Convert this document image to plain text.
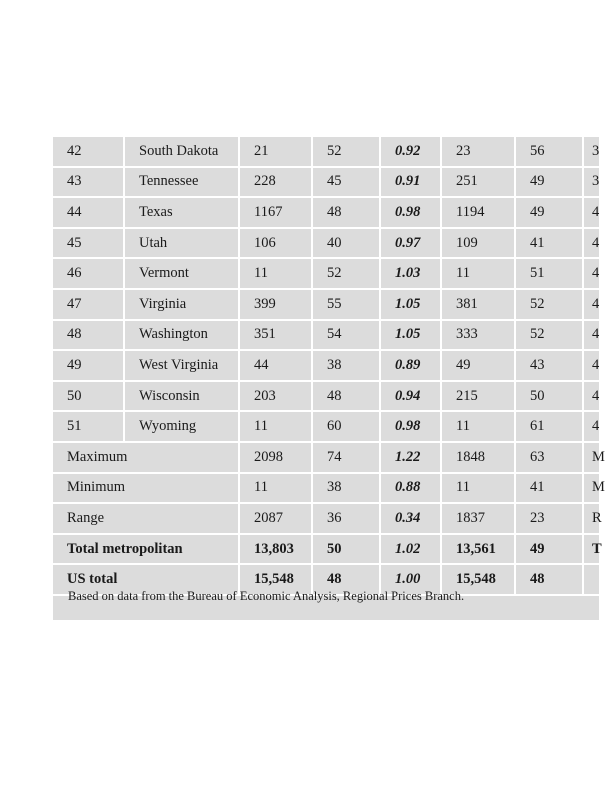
42	South Dakota	21	52	0.92	23	56	3
43	Tennessee	228	45	0.91	251	49	3
44	Texas	1167	48	0.98	1194	49	4
45	Utah	106	40	0.97	109	41	4
46	Vermont	11	52	1.03	11	51	4
47	Virginia	399	55	1.05	381	52	4
48	Washington	351	54	1.05	333	52	4
49	West Virginia	44	38	0.89	49	43	4
50	Wisconsin	203	48	0.94	215	50	4
51	Wyoming	11	60	0.98	11	61	4
Maximum		2098	74	1.22	1848	63	M
Minimum		11	38	0.88	11	41	M
Range		2087	36	0.34	1837	23	R
Total metropolitan		13,803	50	1.02	13,561	49	T
US total		15,548	48	1.00	15,548	48	
Based on data from the Bureau of Economic Analysis, Regional Prices Branch.
